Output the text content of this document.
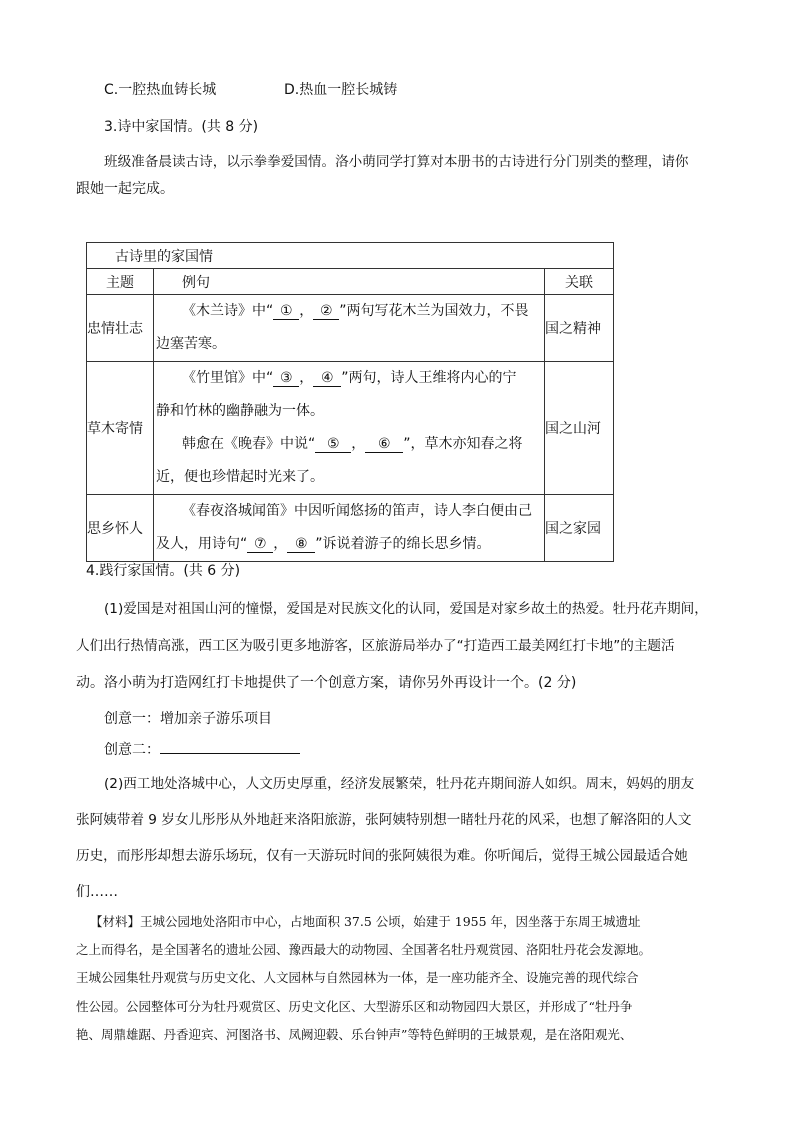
C.一腔热血铸长城	D.热血一腔长城铸
3.诗中家国情。(共 8 分)
班级准备晨读古诗，以示拳拳爱国情。洛小萌同学打算对本册书的古诗进行分门别类的整理，请你
跟她一起完成。
古诗里的家国情		
主题	例句	关联
忠情壮志	《木兰诗》中“ ① ， ② ”两句写花木兰为国效力，不畏
边塞苦寒。	国之精神
草木寄情	《竹里馆》中“ ③ ， ④ ”两句，诗人王维将内心的宁
静和竹林的幽静融为一体。
韩愈在《晚春》中说“ ⑤ ， ⑥ ”，草木亦知春之将
近，便也珍惜起时光来了。	国之山河
思乡怀人	《春夜洛城闻笛》中因听闻悠扬的笛声，诗人李白便由己
及人，用诗句“ ⑦ ， ⑧ ”诉说着游子的绵长思乡情。	国之家园
4.践行家国情。(共 6 分)
(1)爱国是对祖国山河的憧憬，爱国是对民族文化的认同，爱国是对家乡故土的热爱。牡丹花卉期间，
人们出行热情高涨，西工区为吸引更多地游客，区旅游局举办了“打造西工最美网红打卡地”的主题活
动。洛小萌为打造网红打卡地提供了一个创意方案，请你另外再设计一个。(2 分)
创意一：增加亲子游乐项目
创意二：
(2)西工地处洛城中心，人文历史厚重，经济发展繁荣，牡丹花卉期间游人如织。周末，妈妈的朋友
张阿姨带着 9 岁女儿彤彤从外地赶来洛阳旅游，张阿姨特别想一睹牡丹花的风采，也想了解洛阳的人文
历史，而彤彤却想去游乐场玩，仅有一天游玩时间的张阿姨很为难。你听闻后，觉得王城公园最适合她
们……
【材料】王城公园地处洛阳市中心，占地面积 37.5 公顷，始建于 1955 年，因坐落于东周王城遗址
之上而得名，是全国著名的遗址公园、豫西最大的动物园、全国著名牡丹观赏园、洛阳牡丹花会发源地。
王城公园集牡丹观赏与历史文化、人文园林与自然园林为一体，是一座功能齐全、设施完善的现代综合
性公园。公园整体可分为牡丹观赏区、历史文化区、大型游乐区和动物园四大景区，并形成了“牡丹争
艳、周鼎雄踞、丹香迎宾、河图洛书、凤阙迎毂、乐台钟声”等特色鲜明的王城景观，是在洛阳观光、
